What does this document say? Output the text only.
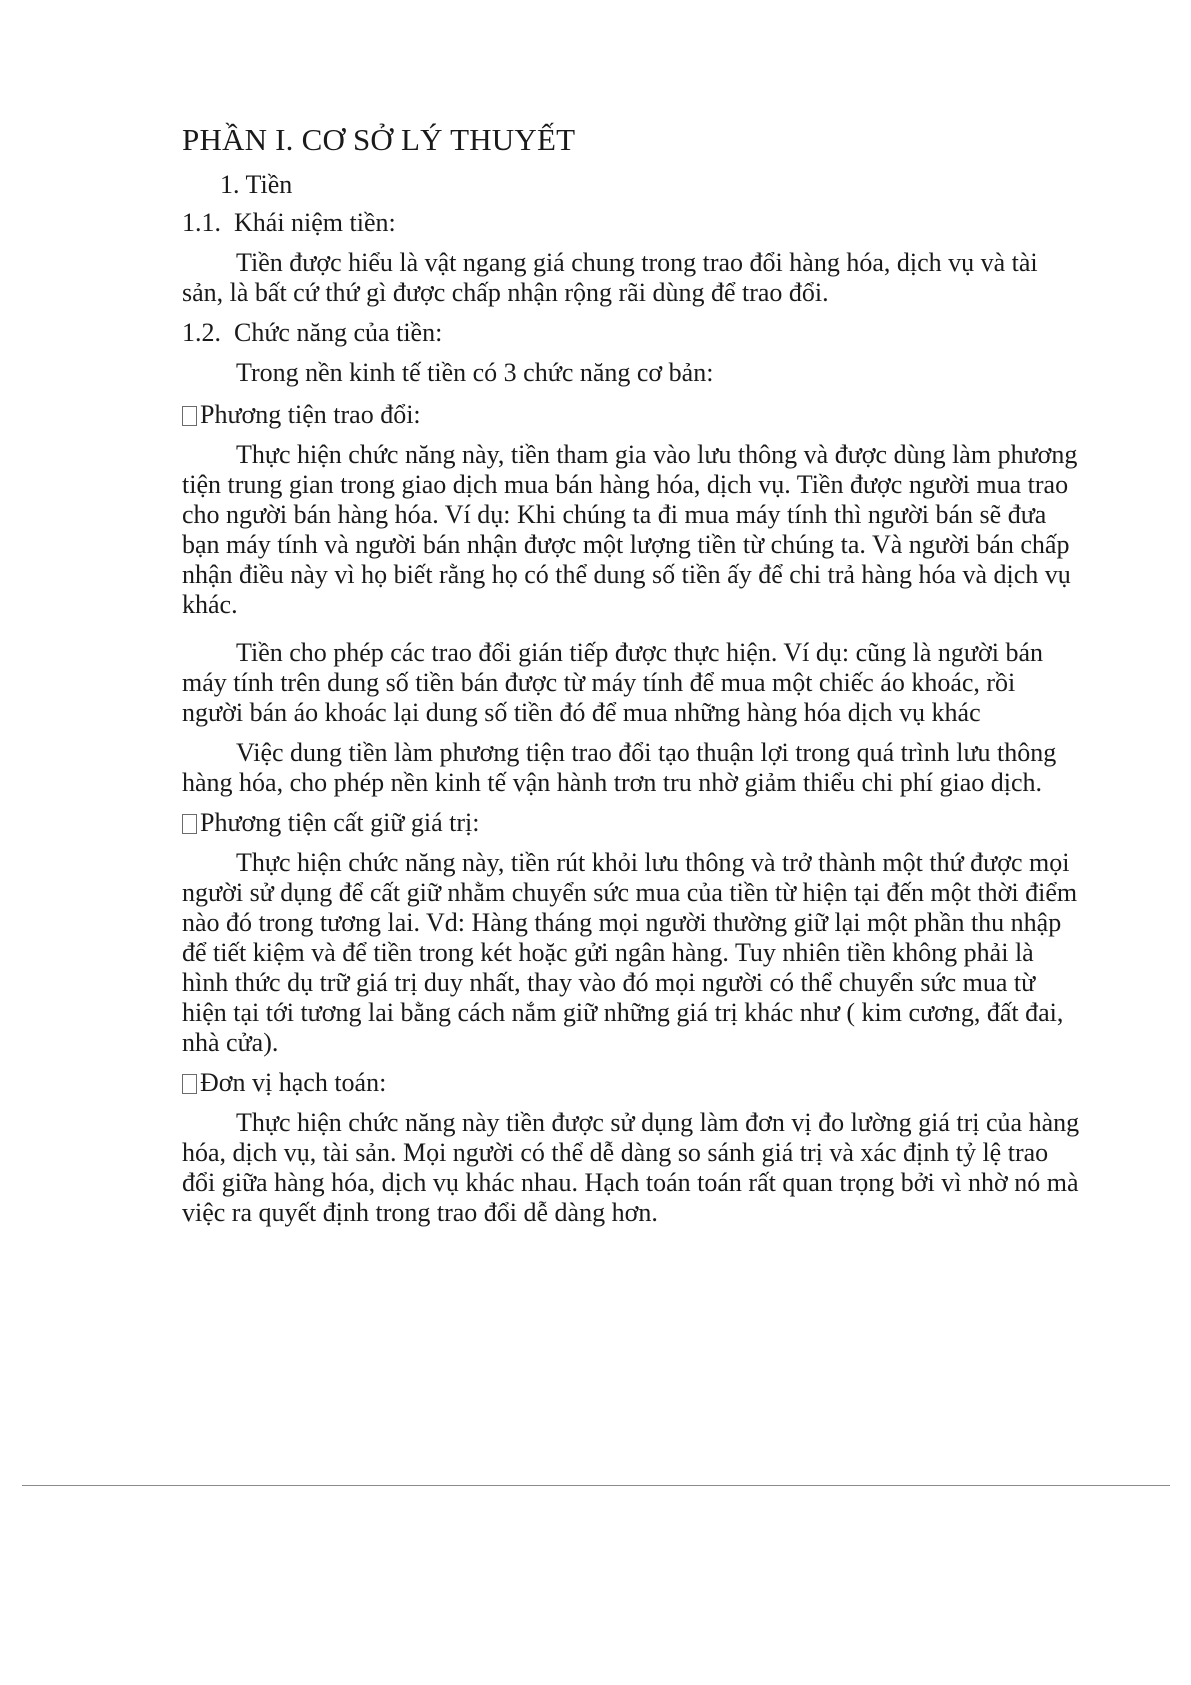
PHẦN I. CƠ SỞ LÝ THUYẾT
1. Tiền
1.1. Khái niệm tiền:

Tiền được hiểu là vật ngang giá chung trong trao đổi hàng hóa, dịch vụ và tài sản, là bất cứ thứ gì được chấp nhận rộng rãi dùng để trao đổi.

1.2. Chức năng của tiền:
Trong nền kinh tế tiền có 3 chức năng cơ bản:
Phương tiện trao đổi:

Thực hiện chức năng này, tiền tham gia vào lưu thông và được dùng làm phương tiện trung gian trong giao dịch mua bán hàng hóa, dịch vụ. Tiền được người mua trao cho người bán hàng hóa. Ví dụ: Khi chúng ta đi mua máy tính thì người bán sẽ đưa bạn máy tính và người bán nhận được một lượng tiền từ chúng ta. Và người bán chấp nhận điều này vì họ biết rằng họ có thể dung số tiền ấy để chi trả hàng hóa và dịch vụ khác.

Tiền cho phép các trao đổi gián tiếp được thực hiện. Ví dụ: cũng là người bán máy tính trên dung số tiền bán được từ máy tính để mua một chiếc áo khoác, rồi người bán áo khoác lại dung số tiền đó để mua những hàng hóa dịch vụ khác

Việc dung tiền làm phương tiện trao đổi tạo thuận lợi trong quá trình lưu thông hàng hóa, cho phép nền kinh tế vận hành trơn tru nhờ giảm thiểu chi phí giao dịch.

Phương tiện cất giữ giá trị:

Thực hiện chức năng này, tiền rút khỏi lưu thông và trở thành một thứ được mọi người sử dụng để cất giữ nhằm chuyển sức mua của tiền từ hiện tại đến một thời điểm nào đó trong tương lai. Vd: Hàng tháng mọi người thường giữ lại một phần thu nhập để tiết kiệm và để tiền trong két hoặc gửi ngân hàng. Tuy nhiên tiền không phải là hình thức dụ trữ giá trị duy nhất, thay vào đó mọi người có thể chuyển sức mua từ hiện tại tới tương lai bằng cách nắm giữ những giá trị khác như ( kim cương, đất đai, nhà cửa).

Đơn vị hạch toán:

Thực hiện chức năng này tiền được sử dụng làm đơn vị đo lường giá trị của hàng hóa, dịch vụ, tài sản. Mọi người có thể dễ dàng so sánh giá trị và xác định tỷ lệ trao đổi giữa hàng hóa, dịch vụ khác nhau. Hạch toán toán rất quan trọng bởi vì nhờ nó mà việc ra quyết định trong trao đổi dễ dàng hơn.
